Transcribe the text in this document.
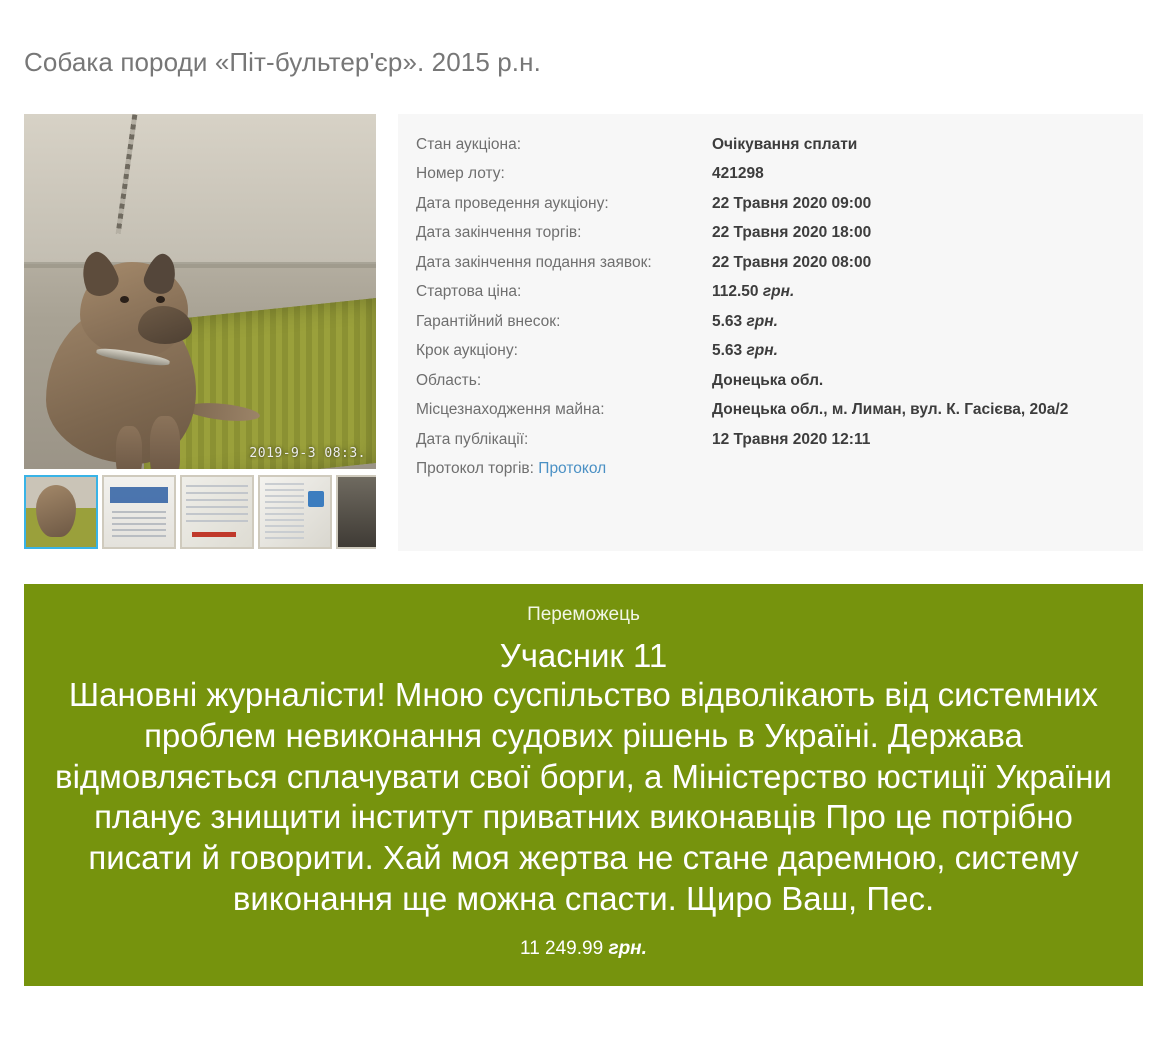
Собака породи «Піт-бультер'єр». 2015 р.н.
2019-9-3 08:3.
Стан аукціона:	Очікування сплати
Номер лоту:	421298
Дата проведення аукціону:	22 Травня 2020 09:00
Дата закінчення торгів:	22 Травня 2020 18:00
Дата закінчення подання заявок:	22 Травня 2020 08:00
Стартова ціна:	112.50 грн.
Гарантійний внесок:	5.63 грн.
Крок аукціону:	5.63 грн.
Область:	Донецька обл.
Місцезнаходження майна:	Донецька обл., м. Лиман, вул. К. Гасієва, 20а/2
Дата публікації:	12 Травня 2020 12:11
Протокол торгів: Протокол	
Переможець
Учасник 11
Шановні журналісти! Мною суспільство відволікають від системних проблем невиконання судових рішень в Україні. Держава відмовляється сплачувати свої борги, а Міністерство юстиції України планує знищити інститут приватних виконавців Про це потрібно писати й говорити. Хай моя жертва не стане даремною, систему виконання ще можна спасти. Щиро Ваш, Пес.
11 249.99 грн.
